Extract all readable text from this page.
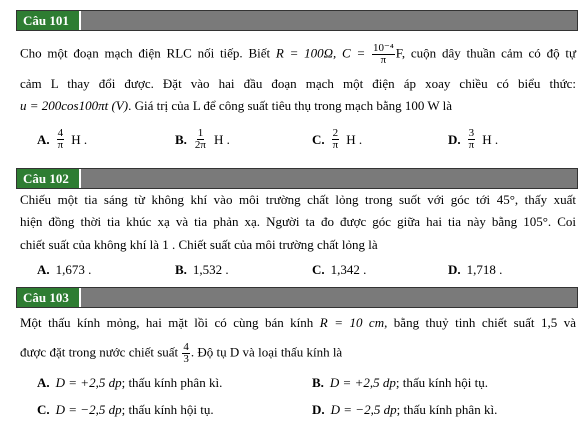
Câu 101
Cho một đoạn mạch điện RLC nối tiếp. Biết R = 100Ω, $C = \frac{\text{10⁻⁴}}{\pi} F$, cuộn dây thuần cảm có độ tự
cảm L thay đổi được. Đặt vào hai đầu đoạn mạch một điện áp xoay chiều có biểu thức:
u = 200cos100πt (V). Giá trị của L để công suất tiêu thụ trong mạch bằng 100 W là
A. $\frac{4}{\pi}$ H .	B. $\frac{1}{2\pi}$ H .	C. $\frac{2}{\pi}$ H .	D. $\frac{3}{\pi}$ H .
Câu 102
Chiếu một tia sáng từ không khí vào môi trường chất lỏng trong suốt với góc tới 45°, thấy xuất
hiện đồng thời tia khúc xạ và tia phản xạ. Người ta đo được góc giữa hai tia này bằng 105°. Coi
chiết suất của không khí là 1 . Chiết suất của môi trường chất lỏng là
A. 1,673 .	B. 1,532 .	C. 1,342 .	D. 1,718 .
Câu 103
Một thấu kính mỏng, hai mặt lồi có cùng bán kính R = 10 cm, bằng thuỷ tinh chiết suất 1,5 và
được đặt trong nước chiết suất $\frac{4}{3}$ . Độ tụ D và loại thấu kính là
A. D = +2,5 dp; thấu kính phân kì.	B. D = +2,5 dp; thấu kính hội tụ.
C. D = −2,5 dp; thấu kính hội tụ.	D. D = −2,5 dp; thấu kính phân kì.
